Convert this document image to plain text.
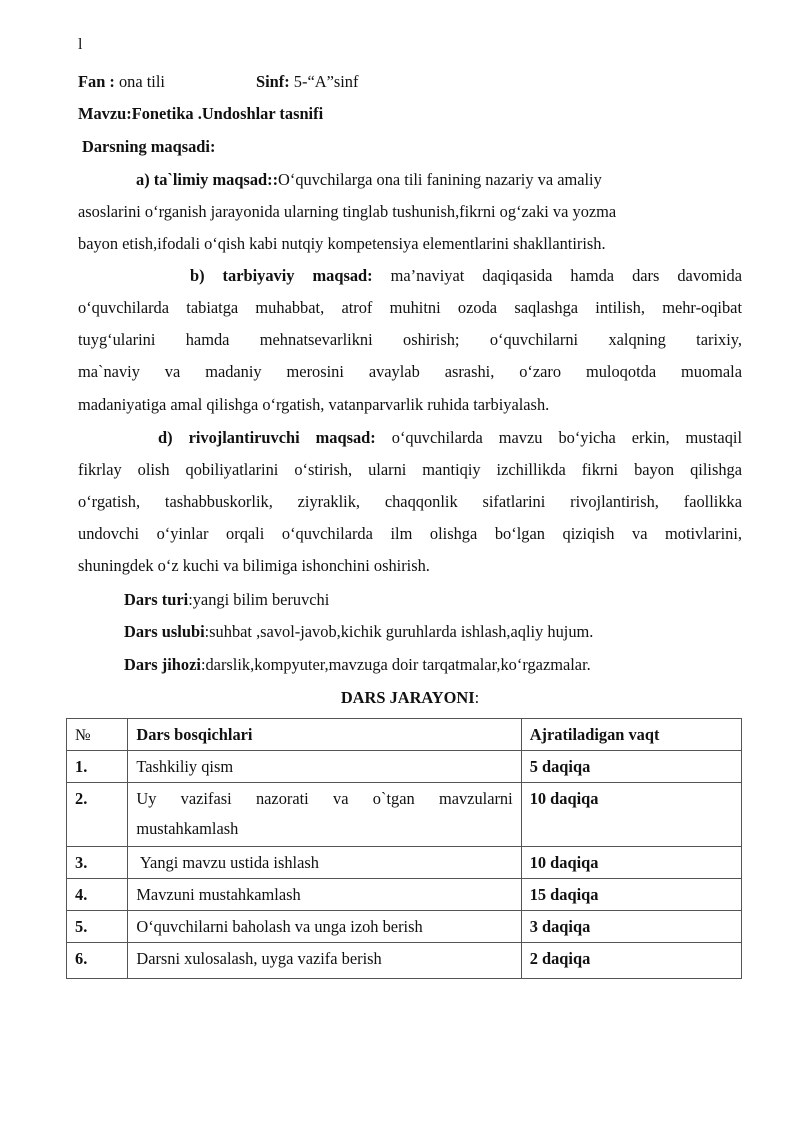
l
Fan : ona tili	Sinf: 5-“A”sinf
Mavzu:Fonetika .Undoshlar tasnifi
Darsning maqsadi:
a) ta`limiy maqsad::O‘quvchilarga ona tili fanining nazariy va amaliy
asoslarini o‘rganish jarayonida ularning tinglab tushunish,fikrni og‘zaki va yozma
bayon etish,ifodali o‘qish kabi nutqiy kompetensiya elementlarini shakllantirish.
b) tarbiyaviy maqsad: ma’naviyat daqiqasida hamda dars davomida
o‘quvchilarda tabiatga muhabbat, atrof muhitni ozoda saqlashga intilish, mehr-oqibat
tuyg‘ularini hamda mehnatsevarlikni oshirish; o‘quvchilarni xalqning tarixiy,
ma`naviy va madaniy merosini avaylab asrashi, o‘zaro muloqotda muomala
madaniyatiga amal qilishga o‘rgatish, vatanparvarlik ruhida tarbiyalash.
d) rivojlantiruvchi maqsad: o‘quvchilarda mavzu bo‘yicha erkin, mustaqil
fikrlay olish qobiliyatlarini o‘stirish, ularni mantiqiy izchillikda fikrni bayon qilishga
o‘rgatish, tashabbuskorlik, ziyraklik, chaqqonlik sifatlarini rivojlantirish, faollikka
undovchi o‘yinlar orqali o‘quvchilarda ilm olishga bo‘lgan qiziqish va motivlarini,
shuningdek o‘z kuchi va bilimiga ishonchini oshirish.
Dars turi:yangi bilim beruvchi
Dars uslubi:suhbat ,savol-javob,kichik guruhlarda ishlash,aqliy hujum.
Dars jihozi:darslik,kompyuter,mavzuga doir tarqatmalar,ko‘rgazmalar.
DARS JARAYONI:
№	Dars bosqichlari	Ajratiladigan vaqt
1.	Tashkiliy qism	5 daqiqa
2.	Uy vazifasi nazorati va o`tgan mavzularni
mustahkamlash	10 daqiqa
3.	Yangi mavzu ustida ishlash	10 daqiqa
4.	Mavzuni mustahkamlash	15 daqiqa
5.	O‘quvchilarni baholash va unga izoh berish	3 daqiqa
6.	Darsni xulosalash, uyga vazifa berish	2 daqiqa
